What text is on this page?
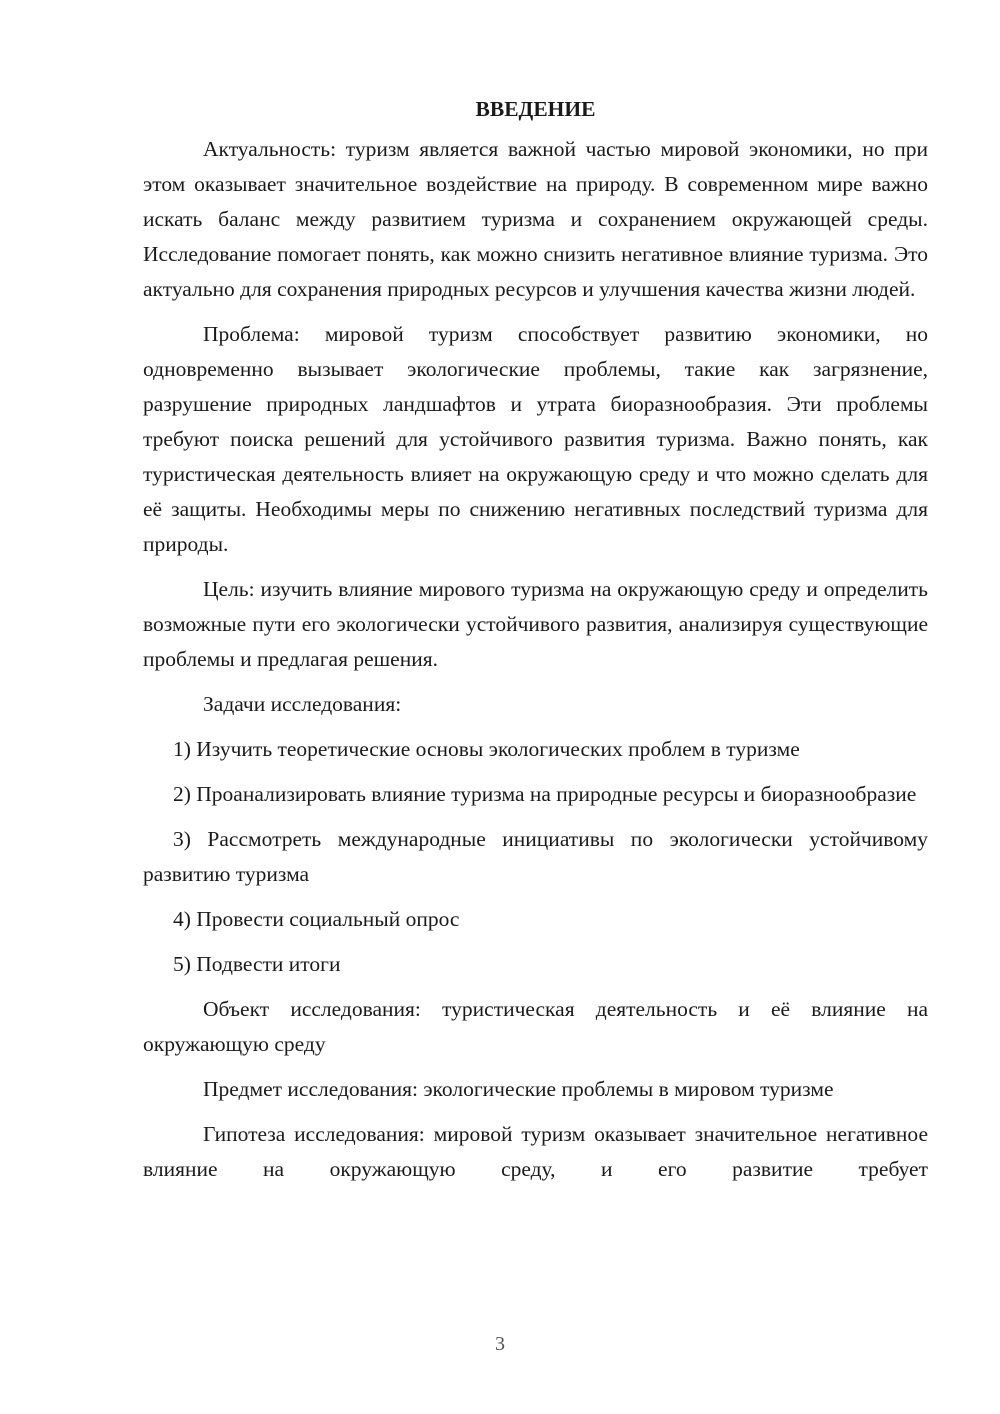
ВВЕДЕНИЕ

Актуальность: туризм является важной частью мировой экономики, но при этом оказывает значительное воздействие на природу. В современном мире важно искать баланс между развитием туризма и сохранением окружающей среды. Исследование помогает понять, как можно снизить негативное влияние туризма. Это актуально для сохранения природных ресурсов и улучшения качества жизни людей.

Проблема: мировой туризм способствует развитию экономики, но одновременно вызывает экологические проблемы, такие как загрязнение, разрушение природных ландшафтов и утрата биоразнообразия. Эти проблемы требуют поиска решений для устойчивого развития туризма. Важно понять, как туристическая деятельность влияет на окружающую среду и что можно сделать для её защиты. Необходимы меры по снижению негативных последствий туризма для природы.

Цель: изучить влияние мирового туризма на окружающую среду и определить возможные пути его экологически устойчивого развития, анализируя существующие проблемы и предлагая решения.

Задачи исследования:

1) Изучить теоретические основы экологических проблем в туризме

2) Проанализировать влияние туризма на природные ресурсы и биоразнообразие

3) Рассмотреть международные инициативы по экологически устойчивому развитию туризма

4) Провести социальный опрос

5) Подвести итоги

Объект исследования: туристическая деятельность и её влияние на окружающую среду

Предмет исследования: экологические проблемы в мировом туризме

Гипотеза исследования: мировой туризм оказывает значительное негативное влияние на окружающую среду, и его развитие требует

3
